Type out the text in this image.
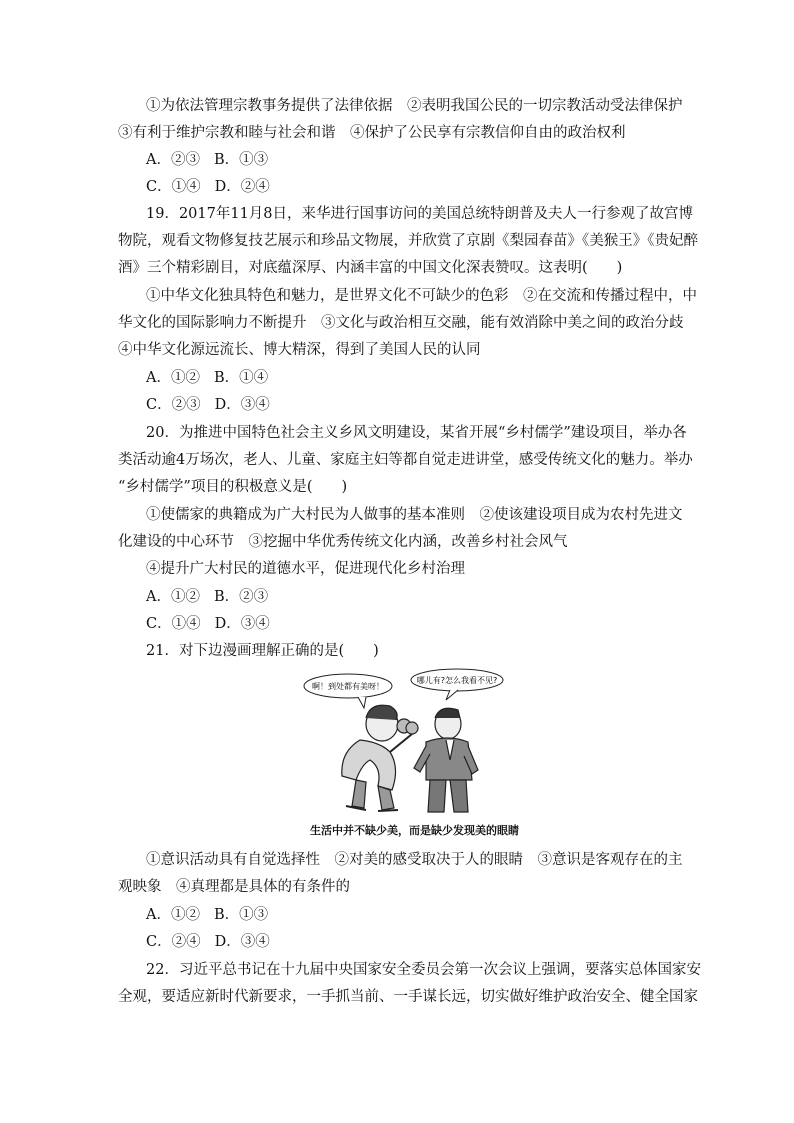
①为依法管理宗教事务提供了法律依据　②表明我国公民的一切宗教活动受法律保护
③有利于维护宗教和睦与社会和谐　④保护了公民享有宗教信仰自由的政治权利
A．②③ B．①③
C．①④ D．②④
19．2017年11月8日，来华进行国事访问的美国总统特朗普及夫人一行参观了故宫博
物院，观看文物修复技艺展示和珍品文物展，并欣赏了京剧《梨园春苗》《美猴王》《贵妃醉
酒》三个精彩剧目，对底蕴深厚、内涵丰富的中国文化深表赞叹。这表明(　　)
①中华文化独具特色和魅力，是世界文化不可缺少的色彩　②在交流和传播过程中，中
华文化的国际影响力不断提升　③文化与政治相互交融，能有效消除中美之间的政治分歧
④中华文化源远流长、博大精深，得到了美国人民的认同
A．①② B．①④
C．②③ D．③④
20．为推进中国特色社会主义乡风文明建设，某省开展“乡村儒学”建设项目，举办各
类活动逾4万场次，老人、儿童、家庭主妇等都自觉走进讲堂，感受传统文化的魅力。举办
“乡村儒学”项目的积极意义是(　　)
①使儒家的典籍成为广大村民为人做事的基本准则　②使该建设项目成为农村先进文
化建设的中心环节　③挖掘中华优秀传统文化内涵，改善乡村社会风气
④提升广大村民的道德水平，促进现代化乡村治理
A．①② B．②③
C．①④ D．③④
21．对下边漫画理解正确的是(　　)
啊！到处都有美呀！
哪儿有?怎么我看不见?
生活中并不缺少美，而是缺少发现美的眼睛
①意识活动具有自觉选择性　②对美的感受取决于人的眼睛　③意识是客观存在的主
观映象　④真理都是具体的有条件的
A．①② B．①③
C．②④ D．③④
22．习近平总书记在十九届中央国家安全委员会第一次会议上强调，要落实总体国家安
全观，要适应新时代新要求，一手抓当前、一手谋长远，切实做好维护政治安全、健全国家
